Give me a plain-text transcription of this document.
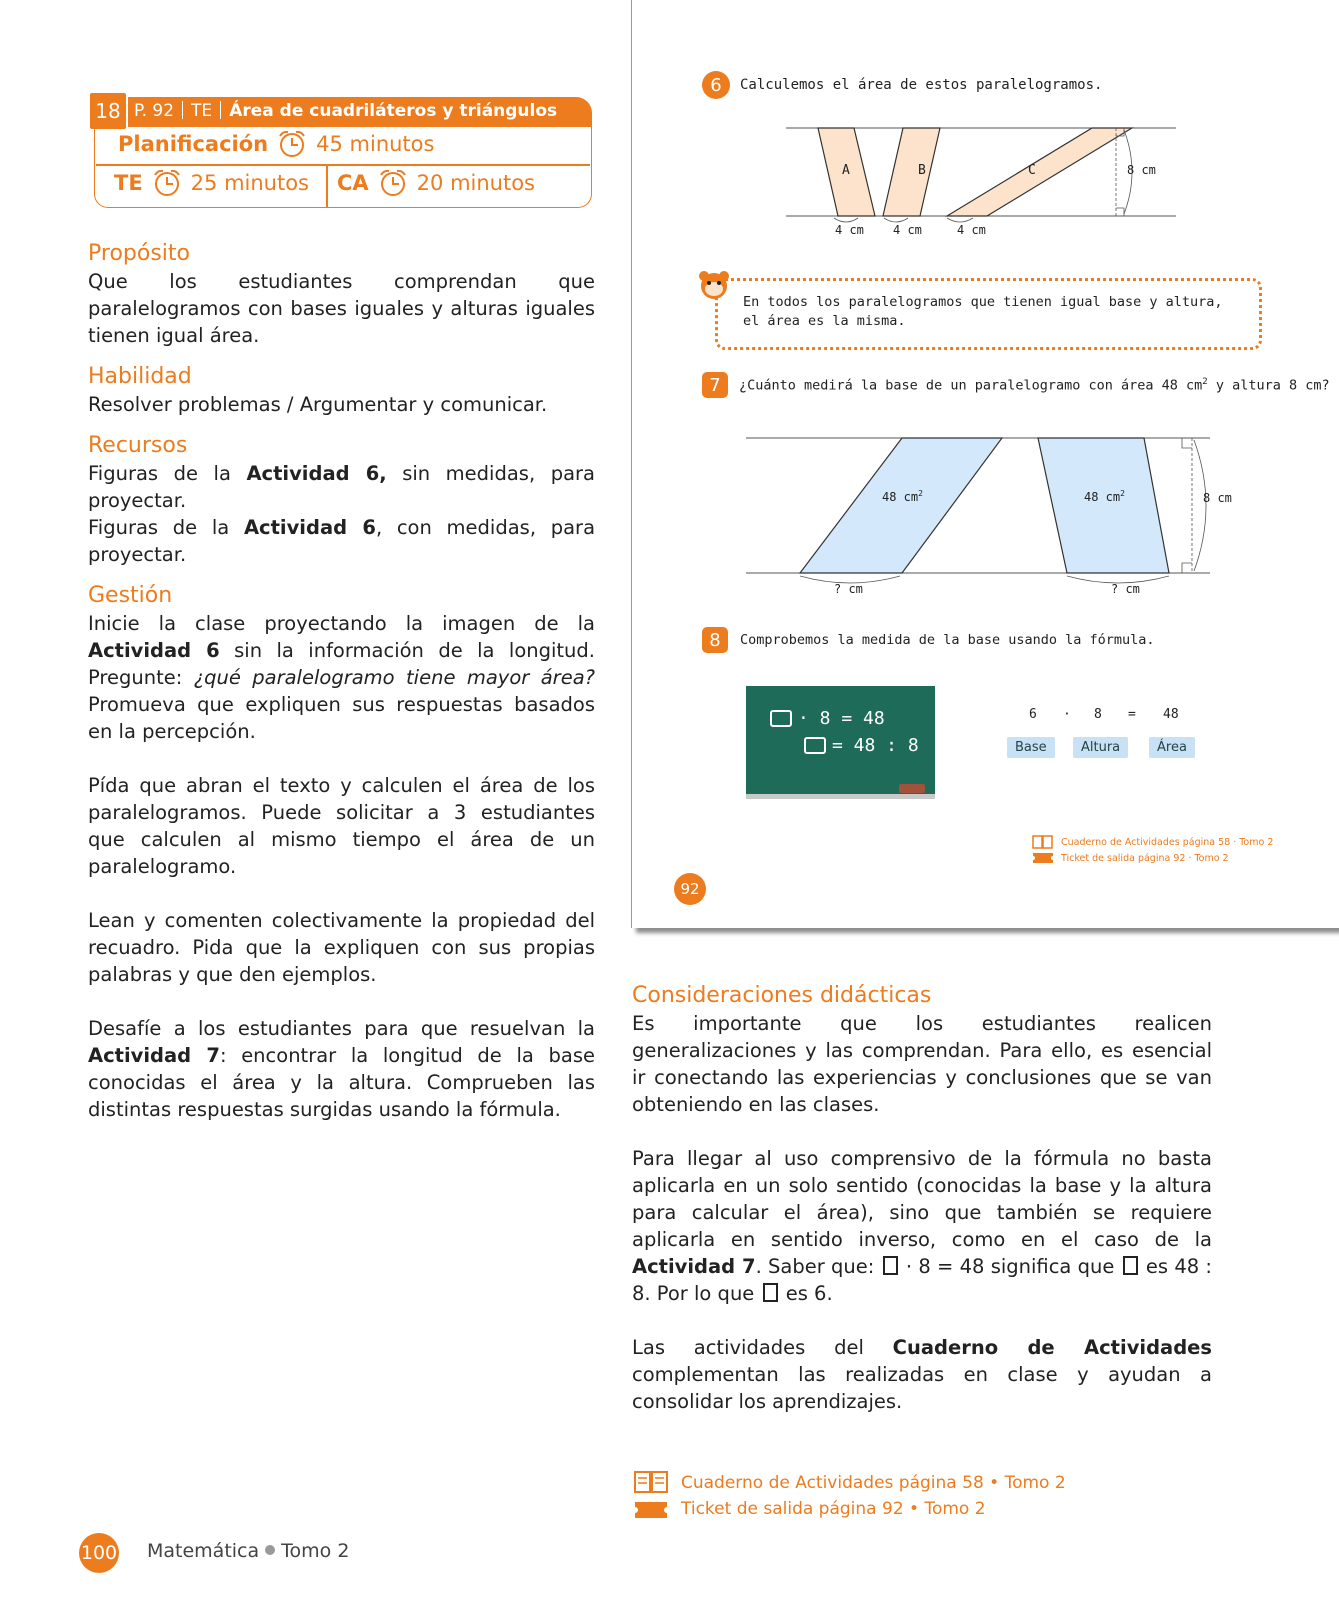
18 P. 92 TE Área de cuadriláteros y triángulos
Planificación 45 minutos
TE 25 minutos CA 20 minutos

Propósito

Que los estudiantes comprendan que paralelogramos con bases iguales y alturas iguales tienen igual área.

Habilidad

Resolver problemas / Argumentar y comunicar.

Recursos

Figuras de la Actividad 6, sin medidas, para proyectar.

Figuras de la Actividad 6, con medidas, para proyectar.

Gestión

Inicie la clase proyectando la imagen de la Actividad 6 sin la información de la longitud. Pregunte: ¿qué paralelogramo tiene mayor área? Promueva que expliquen sus respuestas basados en la percepción.

Pída que abran el texto y calculen el área de los paralelogramos. Puede solicitar a 3 estudiantes que calculen al mismo tiempo el área de un paralelogramo.

Lean y comenten colectivamente la propiedad del recuadro. Pida que la expliquen con sus propias palabras y que den ejemplos.

Desafíe a los estudiantes para que resuelvan la Actividad 7: encontrar la longitud de la base conocidas el área y la altura. Comprueben las distintas respuestas surgidas usando la fórmula.

6	Calculemos el área de estos paralelogramos.
A	B	C	8 cm
4 cm 4 cm	4 cm
En todos los paralelogramos que tienen igual base y altura, el área es la misma.
7	¿Cuánto medirá la base de un paralelogramo con área 48 $cm^2$ y altura 8 cm?
48 $cm^2$	48 $cm^2$	8 cm
? cm	? cm
8	Comprobemos la medida de la base usando la fórmula.
· 8 = 48
= 48 : 8
6 · 8 = 48
Base	Altura	Área
Cuaderno de Actividades página 58 · Tomo 2
Ticket de salida página 92 · Tomo 2
92

Consideraciones didácticas

Es importante que los estudiantes realicen generalizaciones y las comprendan. Para ello, es esencial ir conectando las experiencias y conclusiones que se van obteniendo en las clases.

Para llegar al uso comprensivo de la fórmula no basta aplicarla en un solo sentido (conocidas la base y la altura para calcular el área), sino que también se requiere aplicarla en sentido inverso, como en el caso de la Actividad 7. Saber que:  · 8 = 48 significa que  es 48 : 8. Por lo que  es 6.

Las actividades del Cuaderno de Actividades complementan las realizadas en clase y ayudan a consolidar los aprendizajes.

Cuaderno de Actividades página 58 • Tomo 2
Ticket de salida página 92 • Tomo 2
100 Matemática Tomo 2
